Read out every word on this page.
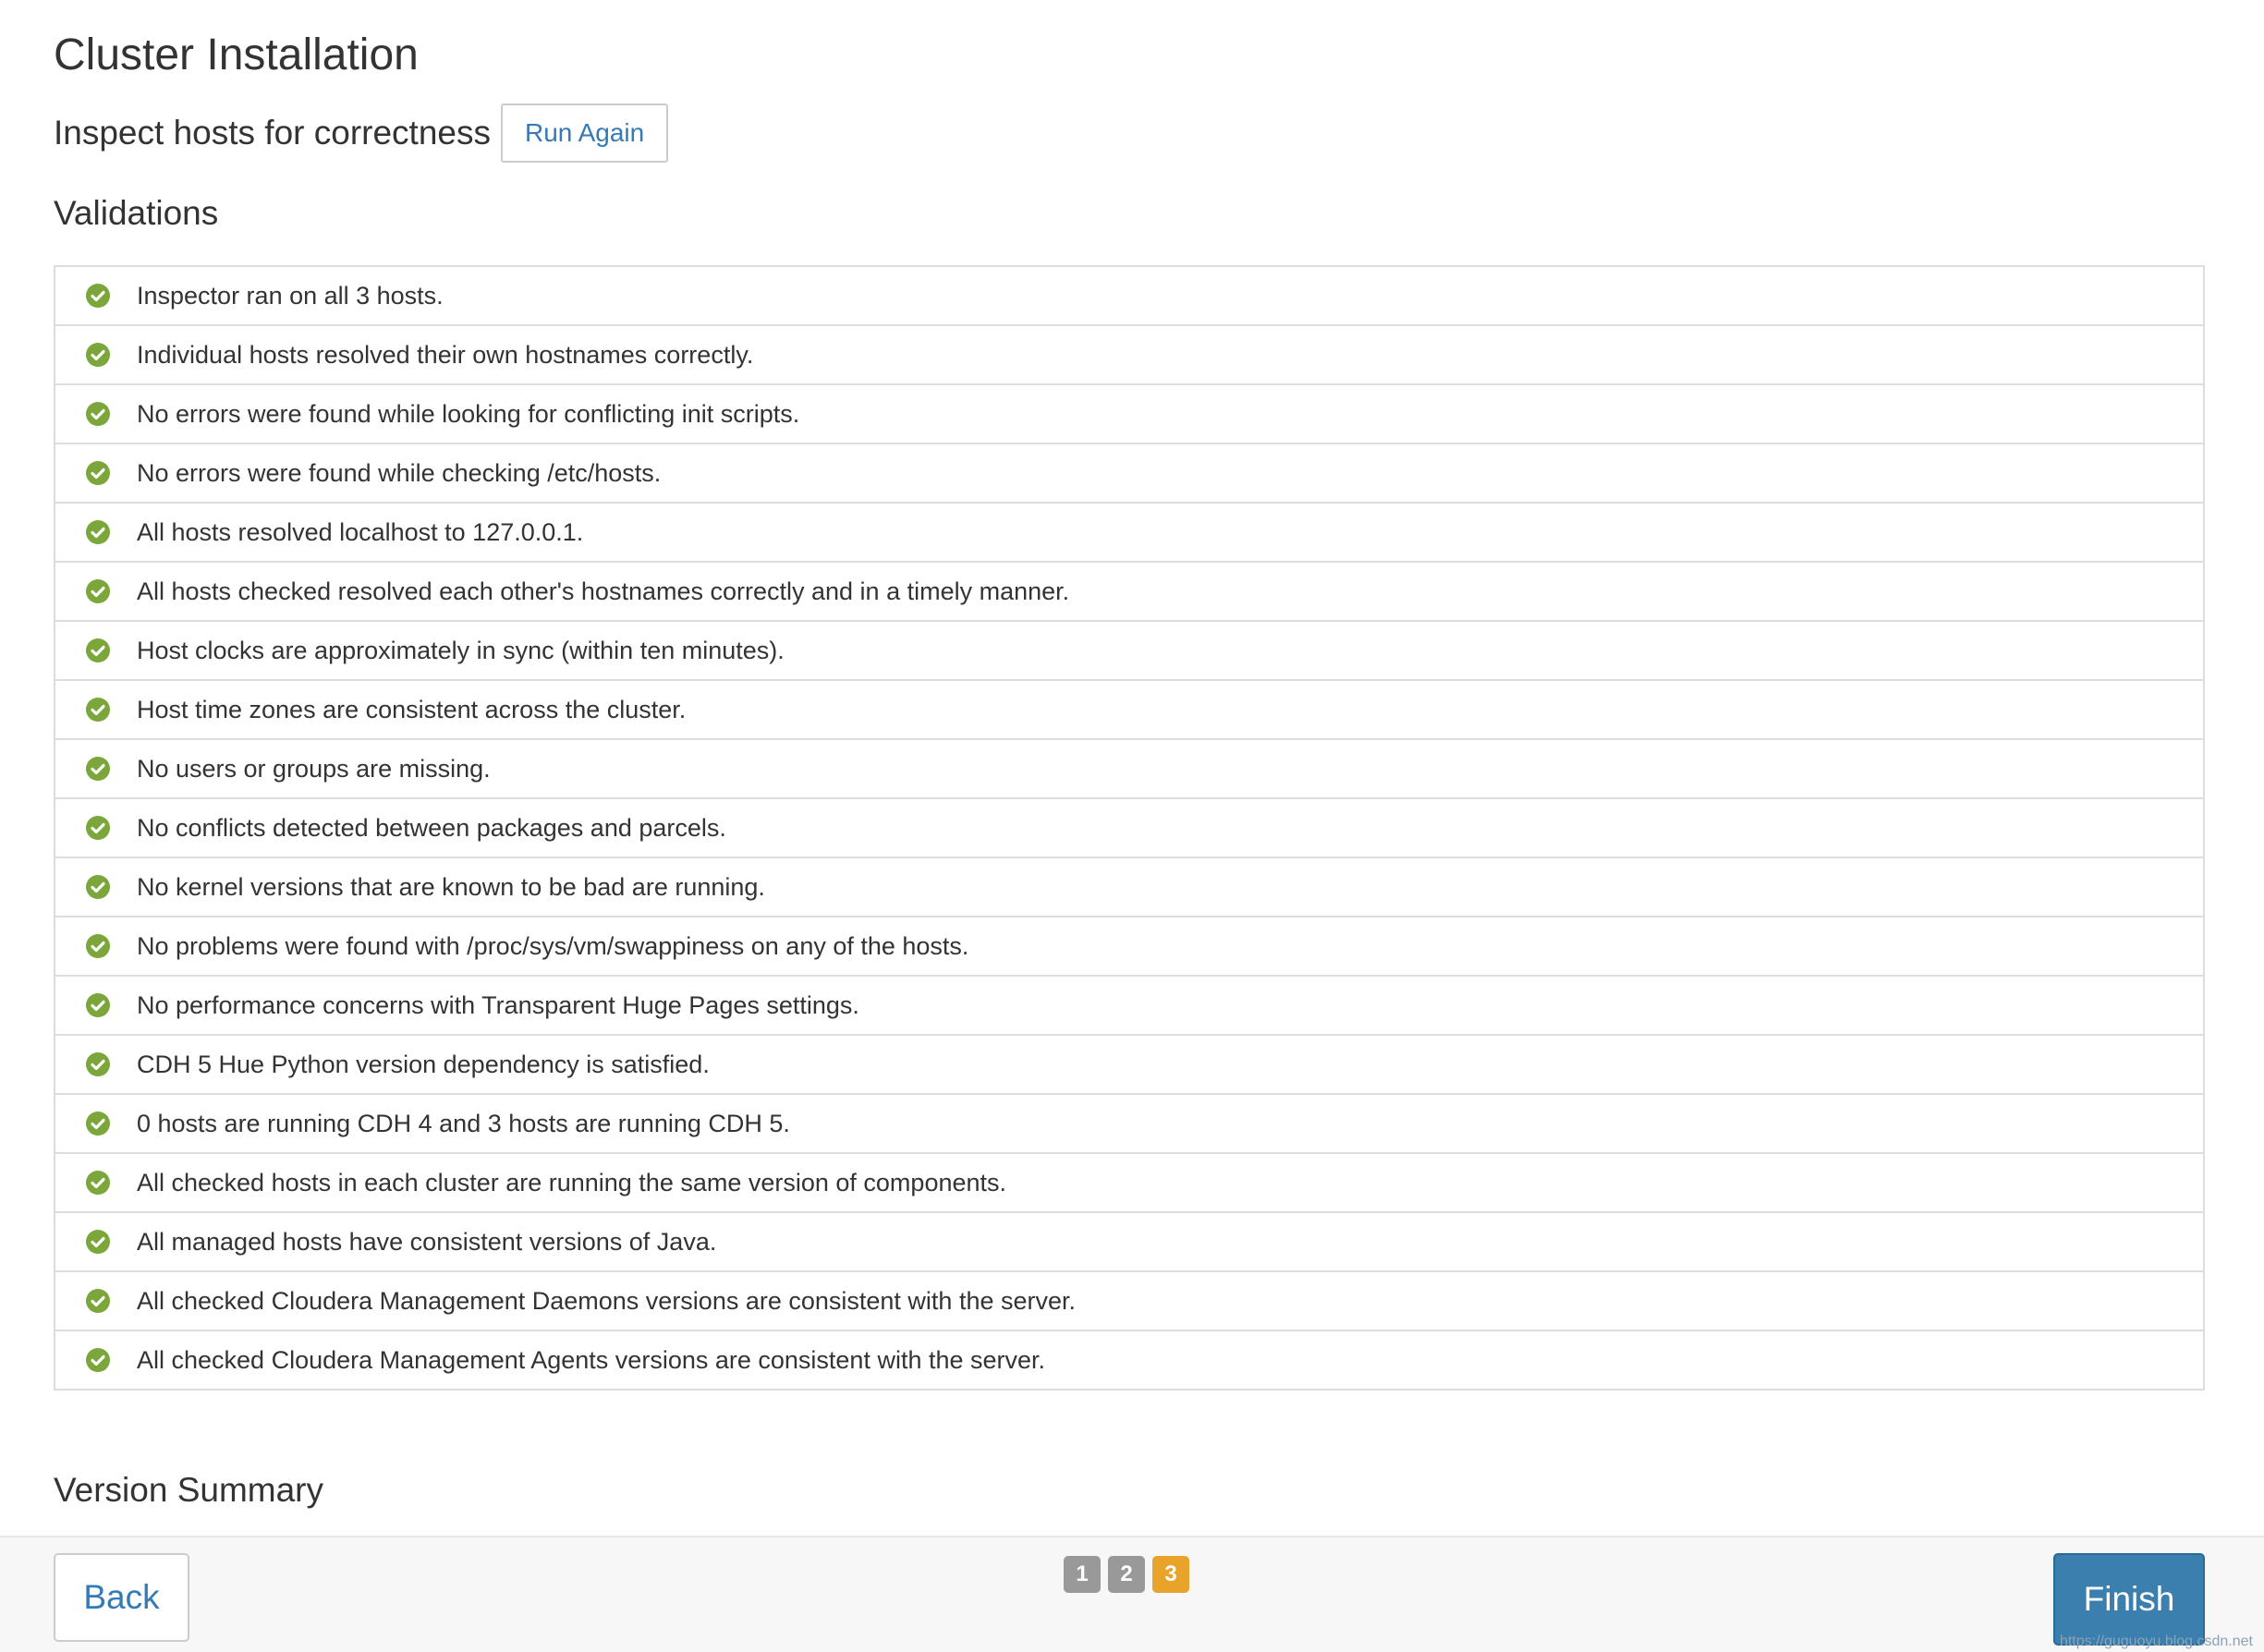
Cluster Installation
Inspect hosts for correctness	Run Again
Validations
Inspector ran on all 3 hosts.
Individual hosts resolved their own hostnames correctly.
No errors were found while looking for conflicting init scripts.
No errors were found while checking /etc/hosts.
All hosts resolved localhost to 127.0.0.1.
All hosts checked resolved each other's hostnames correctly and in a timely manner.
Host clocks are approximately in sync (within ten minutes).
Host time zones are consistent across the cluster.
No users or groups are missing.
No conflicts detected between packages and parcels.
No kernel versions that are known to be bad are running.
No problems were found with /proc/sys/vm/swappiness on any of the hosts.
No performance concerns with Transparent Huge Pages settings.
CDH 5 Hue Python version dependency is satisfied.
0 hosts are running CDH 4 and 3 hosts are running CDH 5.
All checked hosts in each cluster are running the same version of components.
All managed hosts have consistent versions of Java.
All checked Cloudera Management Daemons versions are consistent with the server.
All checked Cloudera Management Agents versions are consistent with the server.
Version Summary
Back
1	2	3
Finish
https://guguoyu.blog.csdn.net
